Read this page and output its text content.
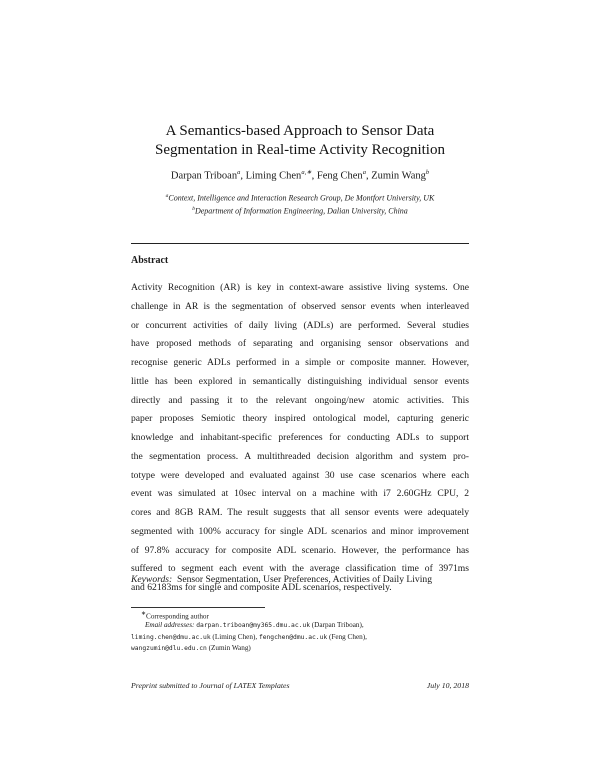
A Semantics-based Approach to Sensor Data
Segmentation in Real-time Activity Recognition
Darpan Triboan$^a$, Liming Chen$^{a,∗}$, Feng Chen$^a$, Zumin Wang$^b$
$^a$Context, Intelligence and Interaction Research Group, De Montfort University, UK
$^b$Department of Information Engineering, Dalian University, China
Abstract
Activity Recognition (AR) is key in context-aware assistive living systems. One
challenge in AR is the segmentation of observed sensor events when interleaved
or concurrent activities of daily living (ADLs) are performed. Several studies
have proposed methods of separating and organising sensor observations and
recognise generic ADLs performed in a simple or composite manner. However,
little has been explored in semantically distinguishing individual sensor events
directly and passing it to the relevant ongoing/new atomic activities. This
paper proposes Semiotic theory inspired ontological model, capturing generic
knowledge and inhabitant-specific preferences for conducting ADLs to support
the segmentation process. A multithreaded decision algorithm and system pro-
totype were developed and evaluated against 30 use case scenarios where each
event was simulated at 10sec interval on a machine with i7 2.60GHz CPU, 2
cores and 8GB RAM. The result suggests that all sensor events were adequately
segmented with 100% accuracy for single ADL scenarios and minor improvement
of 97.8% accuracy for composite ADL scenario. However, the performance has
suffered to segment each event with the average classification time of 3971ms
and 62183ms for single and composite ADL scenarios, respectively.
Keywords: Sensor Segmentation, User Preferences, Activities of Daily Living
∗Corresponding author
Email addresses: darpan.triboan@my365.dmu.ac.uk (Darpan Triboan),
liming.chen@dmu.ac.uk (Liming Chen), fengchen@dmu.ac.uk (Feng Chen),
wangzumin@dlu.edu.cn (Zumin Wang)
Preprint submitted to Journal of LATEX Templates	July 10, 2018
